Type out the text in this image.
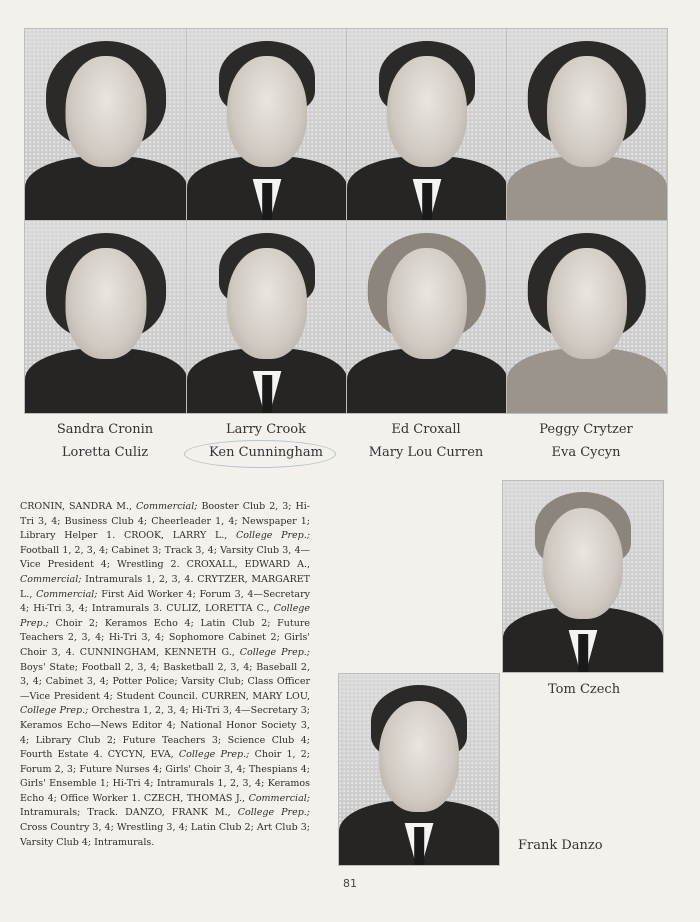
Sandra Cronin	Larry Crook	Ed Croxall	Peggy Crytzer
Loretta Culiz	Ken Cunningham	Mary Lou Curren	Eva Cycyn
CRONIN, SANDRA M., Commercial; Booster Club 2, 3; Hi-Tri 3, 4; Business Club 4; Cheerleader 1, 4; Newspaper 1; Library Helper 1. CROOK, LARRY L., College Prep.; Football 1, 2, 3, 4; Cabinet 3; Track 3, 4; Varsity Club 3, 4—Vice President 4; Wrestling 2. CROXALL, EDWARD A., Commercial; Intramurals 1, 2, 3, 4. CRYTZER, MARGARET L., Commercial; First Aid Worker 4; Forum 3, 4—Secretary 4; Hi-Tri 3, 4; Intramurals 3. CULIZ, LORETTA C., College Prep.; Choir 2; Keramos Echo 4; Latin Club 2; Future Teachers 2, 3, 4; Hi-Tri 3, 4; Sophomore Cabinet 2; Girls' Choir 3, 4. CUNNINGHAM, KENNETH G., College Prep.; Boys' State; Football 2, 3, 4; Basketball 2, 3, 4; Baseball 2, 3, 4; Cabinet 3, 4; Potter Police; Varsity Club; Class Officer—Vice President 4; Student Council. CURREN, MARY LOU, College Prep.; Orchestra 1, 2, 3, 4; Hi-Tri 3, 4—Secretary 3; Keramos Echo—News Editor 4; National Honor Society 3, 4; Library Club 2; Future Teachers 3; Science Club 4; Fourth Estate 4. CYCYN, EVA, College Prep.; Choir 1, 2; Forum 2, 3; Future Nurses 4; Girls' Choir 3, 4; Thespians 4; Girls' Ensemble 1; Hi-Tri 4; Intramurals 1, 2, 3, 4; Keramos Echo 4; Office Worker 1. CZECH, THOMAS J., Commercial; Intramurals; Track. DANZO, FRANK M., College Prep.; Cross Country 3, 4; Wrestling 3, 4; Latin Club 2; Art Club 3; Varsity Club 4; Intramurals.
Tom Czech
Frank Danzo
81
